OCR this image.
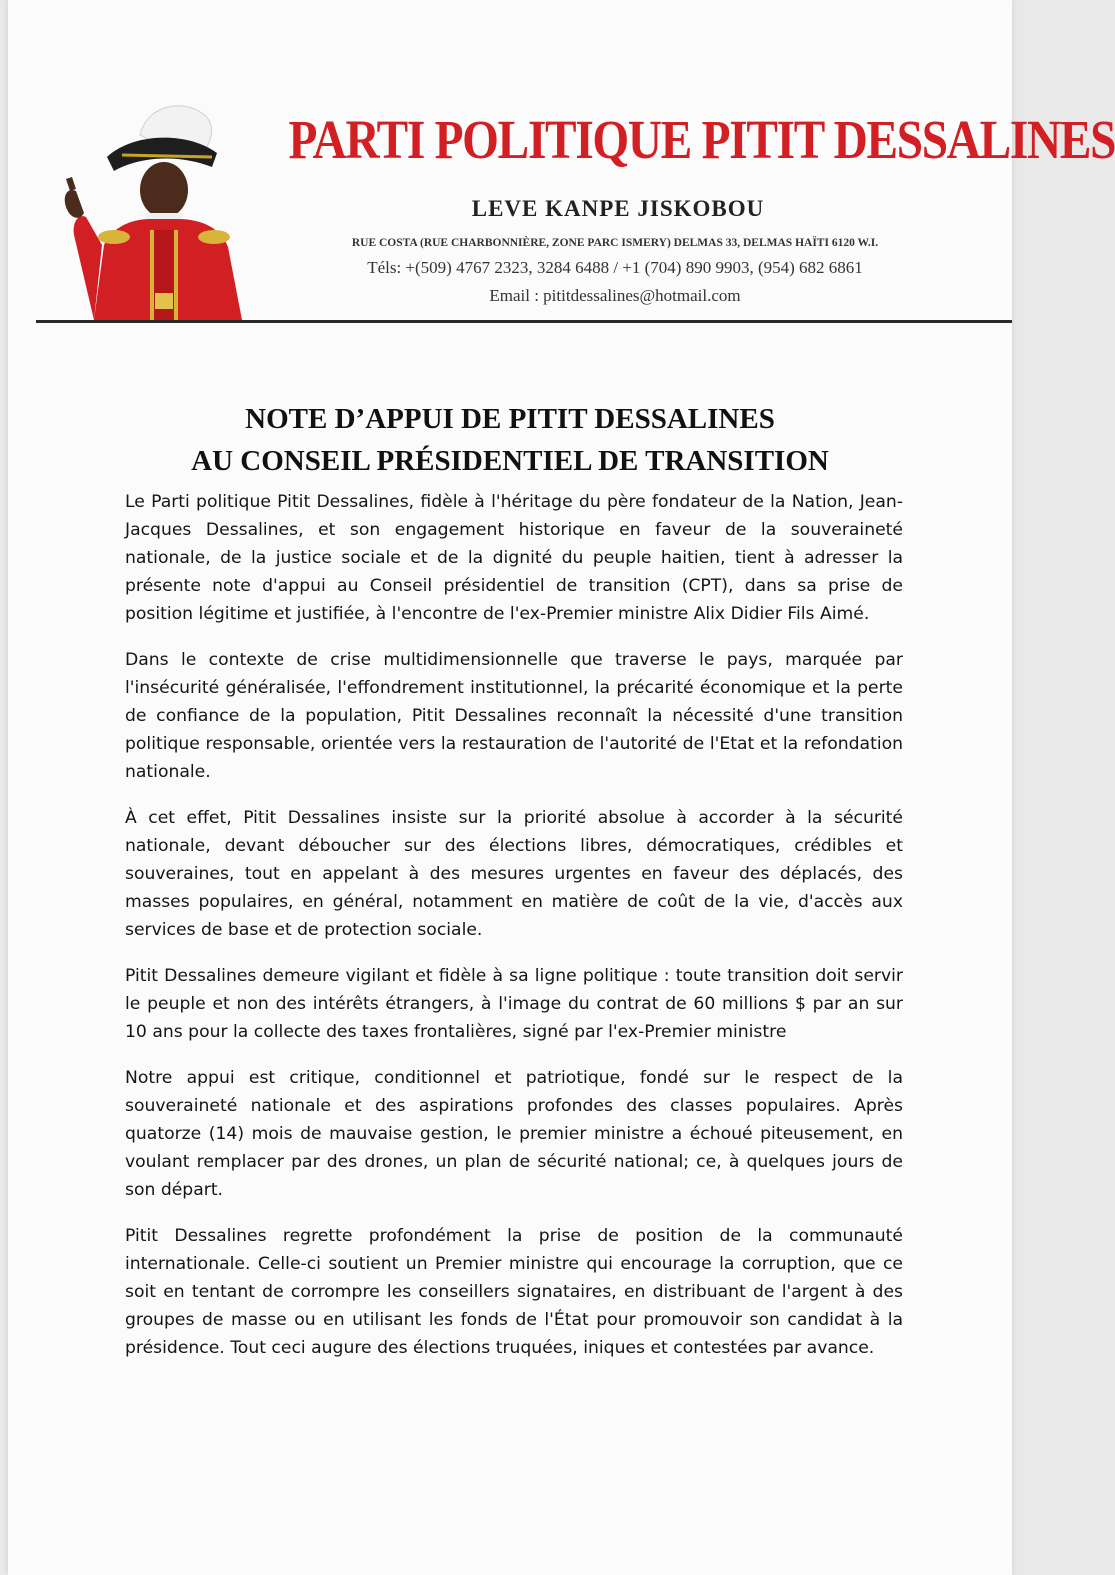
PARTI POLITIQUE PITIT DESSALINES
LEVE KANPE JISKOBOU
RUE COSTA (RUE CHARBONNIÈRE, ZONE PARC ISMERY) DELMAS 33, DELMAS HAÏTI 6120 W.I.
Téls: +(509) 4767 2323, 3284 6488 / +1 (704) 890 9903, (954) 682 6861
Email : pititdessalines@hotmail.com
NOTE D’APPUI DE PITIT DESSALINES
AU CONSEIL PRÉSIDENTIEL DE TRANSITION

Le Parti politique Pitit Dessalines, fidèle à l'héritage du père fondateur de la Nation, Jean-Jacques Dessalines, et son engagement historique en faveur de la souveraineté nationale, de la justice sociale et de la dignité du peuple haitien, tient à adresser la présente note d'appui au Conseil présidentiel de transition (CPT), dans sa prise de position légitime et justifiée, à l'encontre de l'ex-Premier ministre Alix Didier Fils Aimé.

Dans le contexte de crise multidimensionnelle que traverse le pays, marquée par l'insécurité généralisée, l'effondrement institutionnel, la précarité économique et la perte de confiance de la population, Pitit Dessalines reconnaît la nécessité d'une transition politique responsable, orientée vers la restauration de l'autorité de l'Etat et la refondation nationale.

À cet effet, Pitit Dessalines insiste sur la priorité absolue à accorder à la sécurité nationale, devant déboucher sur des élections libres, démocratiques, crédibles et souveraines, tout en appelant à des mesures urgentes en faveur des déplacés, des masses populaires, en général, notamment en matière de coût de la vie, d'accès aux services de base et de protection sociale.

Pitit Dessalines demeure vigilant et fidèle à sa ligne politique : toute transition doit servir le peuple et non des intérêts étrangers, à l'image du contrat de 60 millions $ par an sur 10 ans pour la collecte des taxes frontalières, signé par l'ex-Premier ministre

Notre appui est critique, conditionnel et patriotique, fondé sur le respect de la souveraineté nationale et des aspirations profondes des classes populaires. Après quatorze (14) mois de mauvaise gestion, le premier ministre a échoué piteusement, en voulant remplacer par des drones, un plan de sécurité national; ce, à quelques jours de son départ.

Pitit Dessalines regrette profondément la prise de position de la communauté internationale. Celle-ci soutient un Premier ministre qui encourage la corruption, que ce soit en tentant de corrompre les conseillers signataires, en distribuant de l'argent à des groupes de masse ou en utilisant les fonds de l'État pour promouvoir son candidat à la présidence. Tout ceci augure des élections truquées, iniques et contestées par avance.
